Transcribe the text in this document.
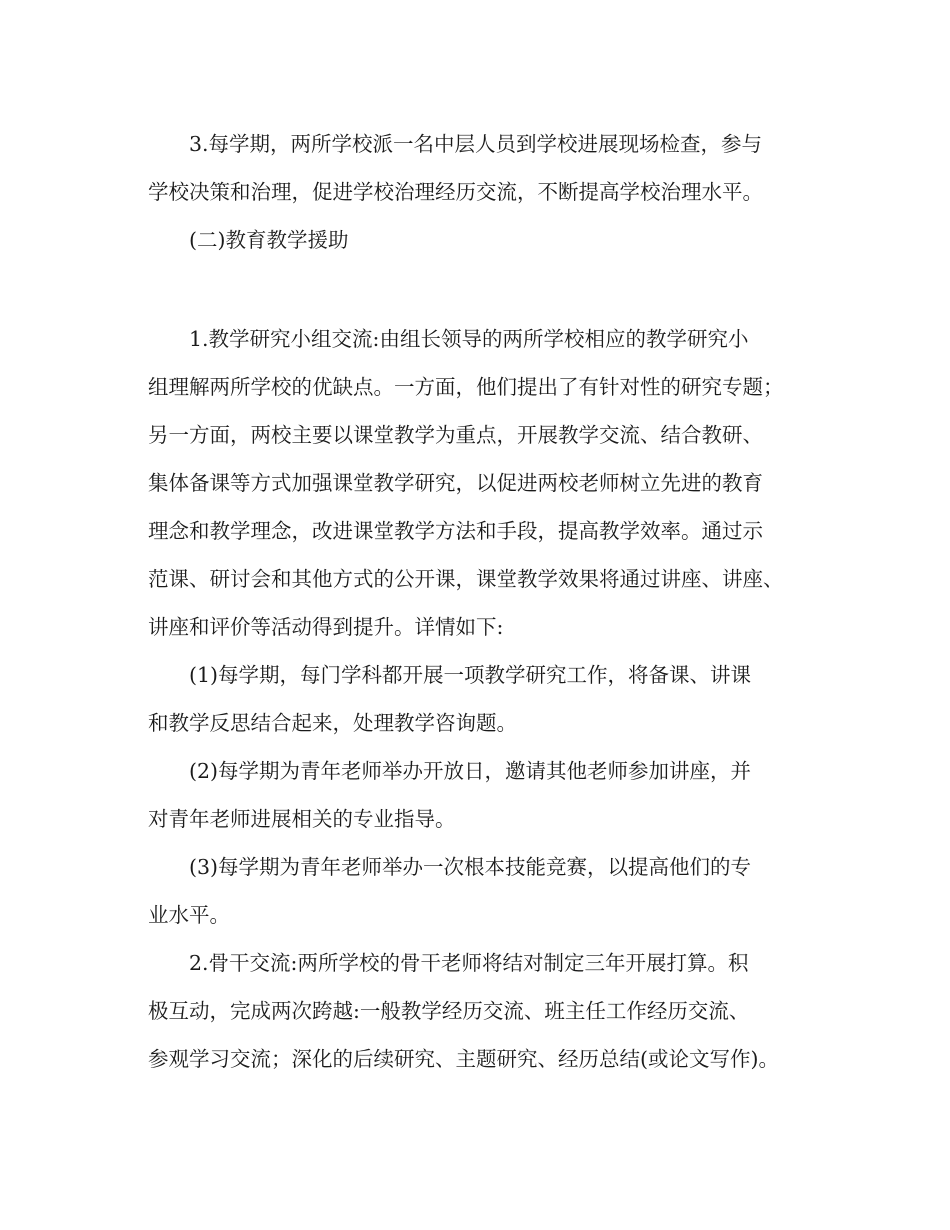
3.每学期，两所学校派一名中层人员到学校进展现场检查，参与

学校决策和治理，促进学校治理经历交流，不断提高学校治理水平。

(二)教育教学援助

1.教学研究小组交流:由组长领导的两所学校相应的教学研究小

组理解两所学校的优缺点。一方面，他们提出了有针对性的研究专题；

另一方面，两校主要以课堂教学为重点，开展教学交流、结合教研、

集体备课等方式加强课堂教学研究，以促进两校老师树立先进的教育

理念和教学理念，改进课堂教学方法和手段，提高教学效率。通过示

范课、研讨会和其他方式的公开课，课堂教学效果将通过讲座、讲座、

讲座和评价等活动得到提升。详情如下:

(1)每学期，每门学科都开展一项教学研究工作，将备课、讲课

和教学反思结合起来，处理教学咨询题。

(2)每学期为青年老师举办开放日，邀请其他老师参加讲座，并

对青年老师进展相关的专业指导。

(3)每学期为青年老师举办一次根本技能竞赛，以提高他们的专

业水平。

2.骨干交流:两所学校的骨干老师将结对制定三年开展打算。积

极互动，完成两次跨越:一般教学经历交流、班主任工作经历交流、

参观学习交流；深化的后续研究、主题研究、经历总结(或论文写作)。
